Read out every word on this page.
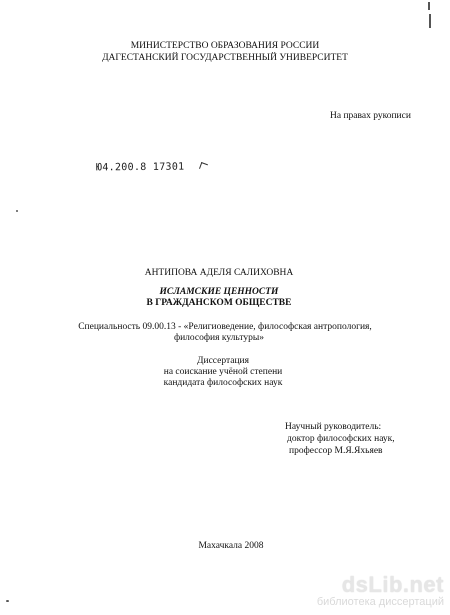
МИНИСТЕРСТВО ОБРАЗОВАНИЯ РОССИИ
ДАГЕСТАНСКИЙ ГОСУДАРСТВЕННЫЙ УНИВЕРСИТЕТ
На правах рукописи
Ю4.200.8 17301
АНТИПОВА АДЕЛЯ САЛИХОВНА
ИСЛАМСКИЕ ЦЕННОСТИ
В ГРАЖДАНСКОМ ОБЩЕСТВЕ
Специальность 09.00.13 - «Религиоведение, философская антропология,
философия культуры»
Диссертация
на соискание учёной степени
кандидата философских наук
Научный руководитель:
доктор философских наук,
профессор М.Я.Яхьяев
Махачкала 2008
dsLib.net
библиотека диссертаций
